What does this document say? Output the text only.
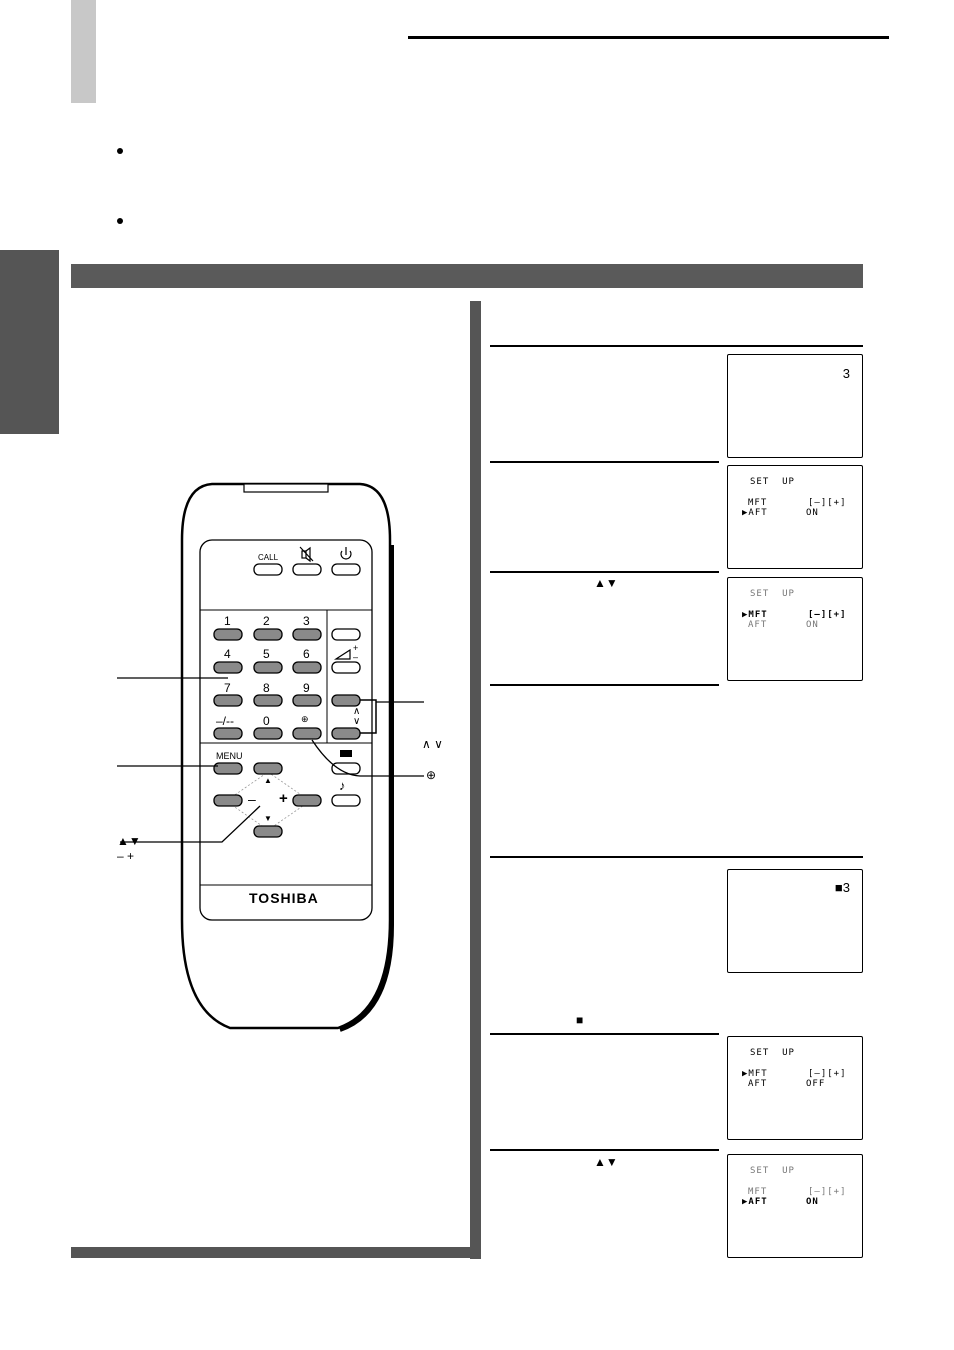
▲▼
■
▲▼
3
SET  UP
MFT	[–][+]
▶AFT	ON
SET  UP
▶MFT	[–][+]
AFT	ON
■3
SET  UP
▶MFT	[–][+]
AFT	OFF
SET  UP
MFT	[–][+]
▶AFT	ON
CALL
MENU
1	2	3
4	5	6
7	8	9
–/-- 0
– +
▲
▼
+
–
∧
∨
⊕
♪
TOSHIBA
▲▼
– +
∧ ∨
⊕
